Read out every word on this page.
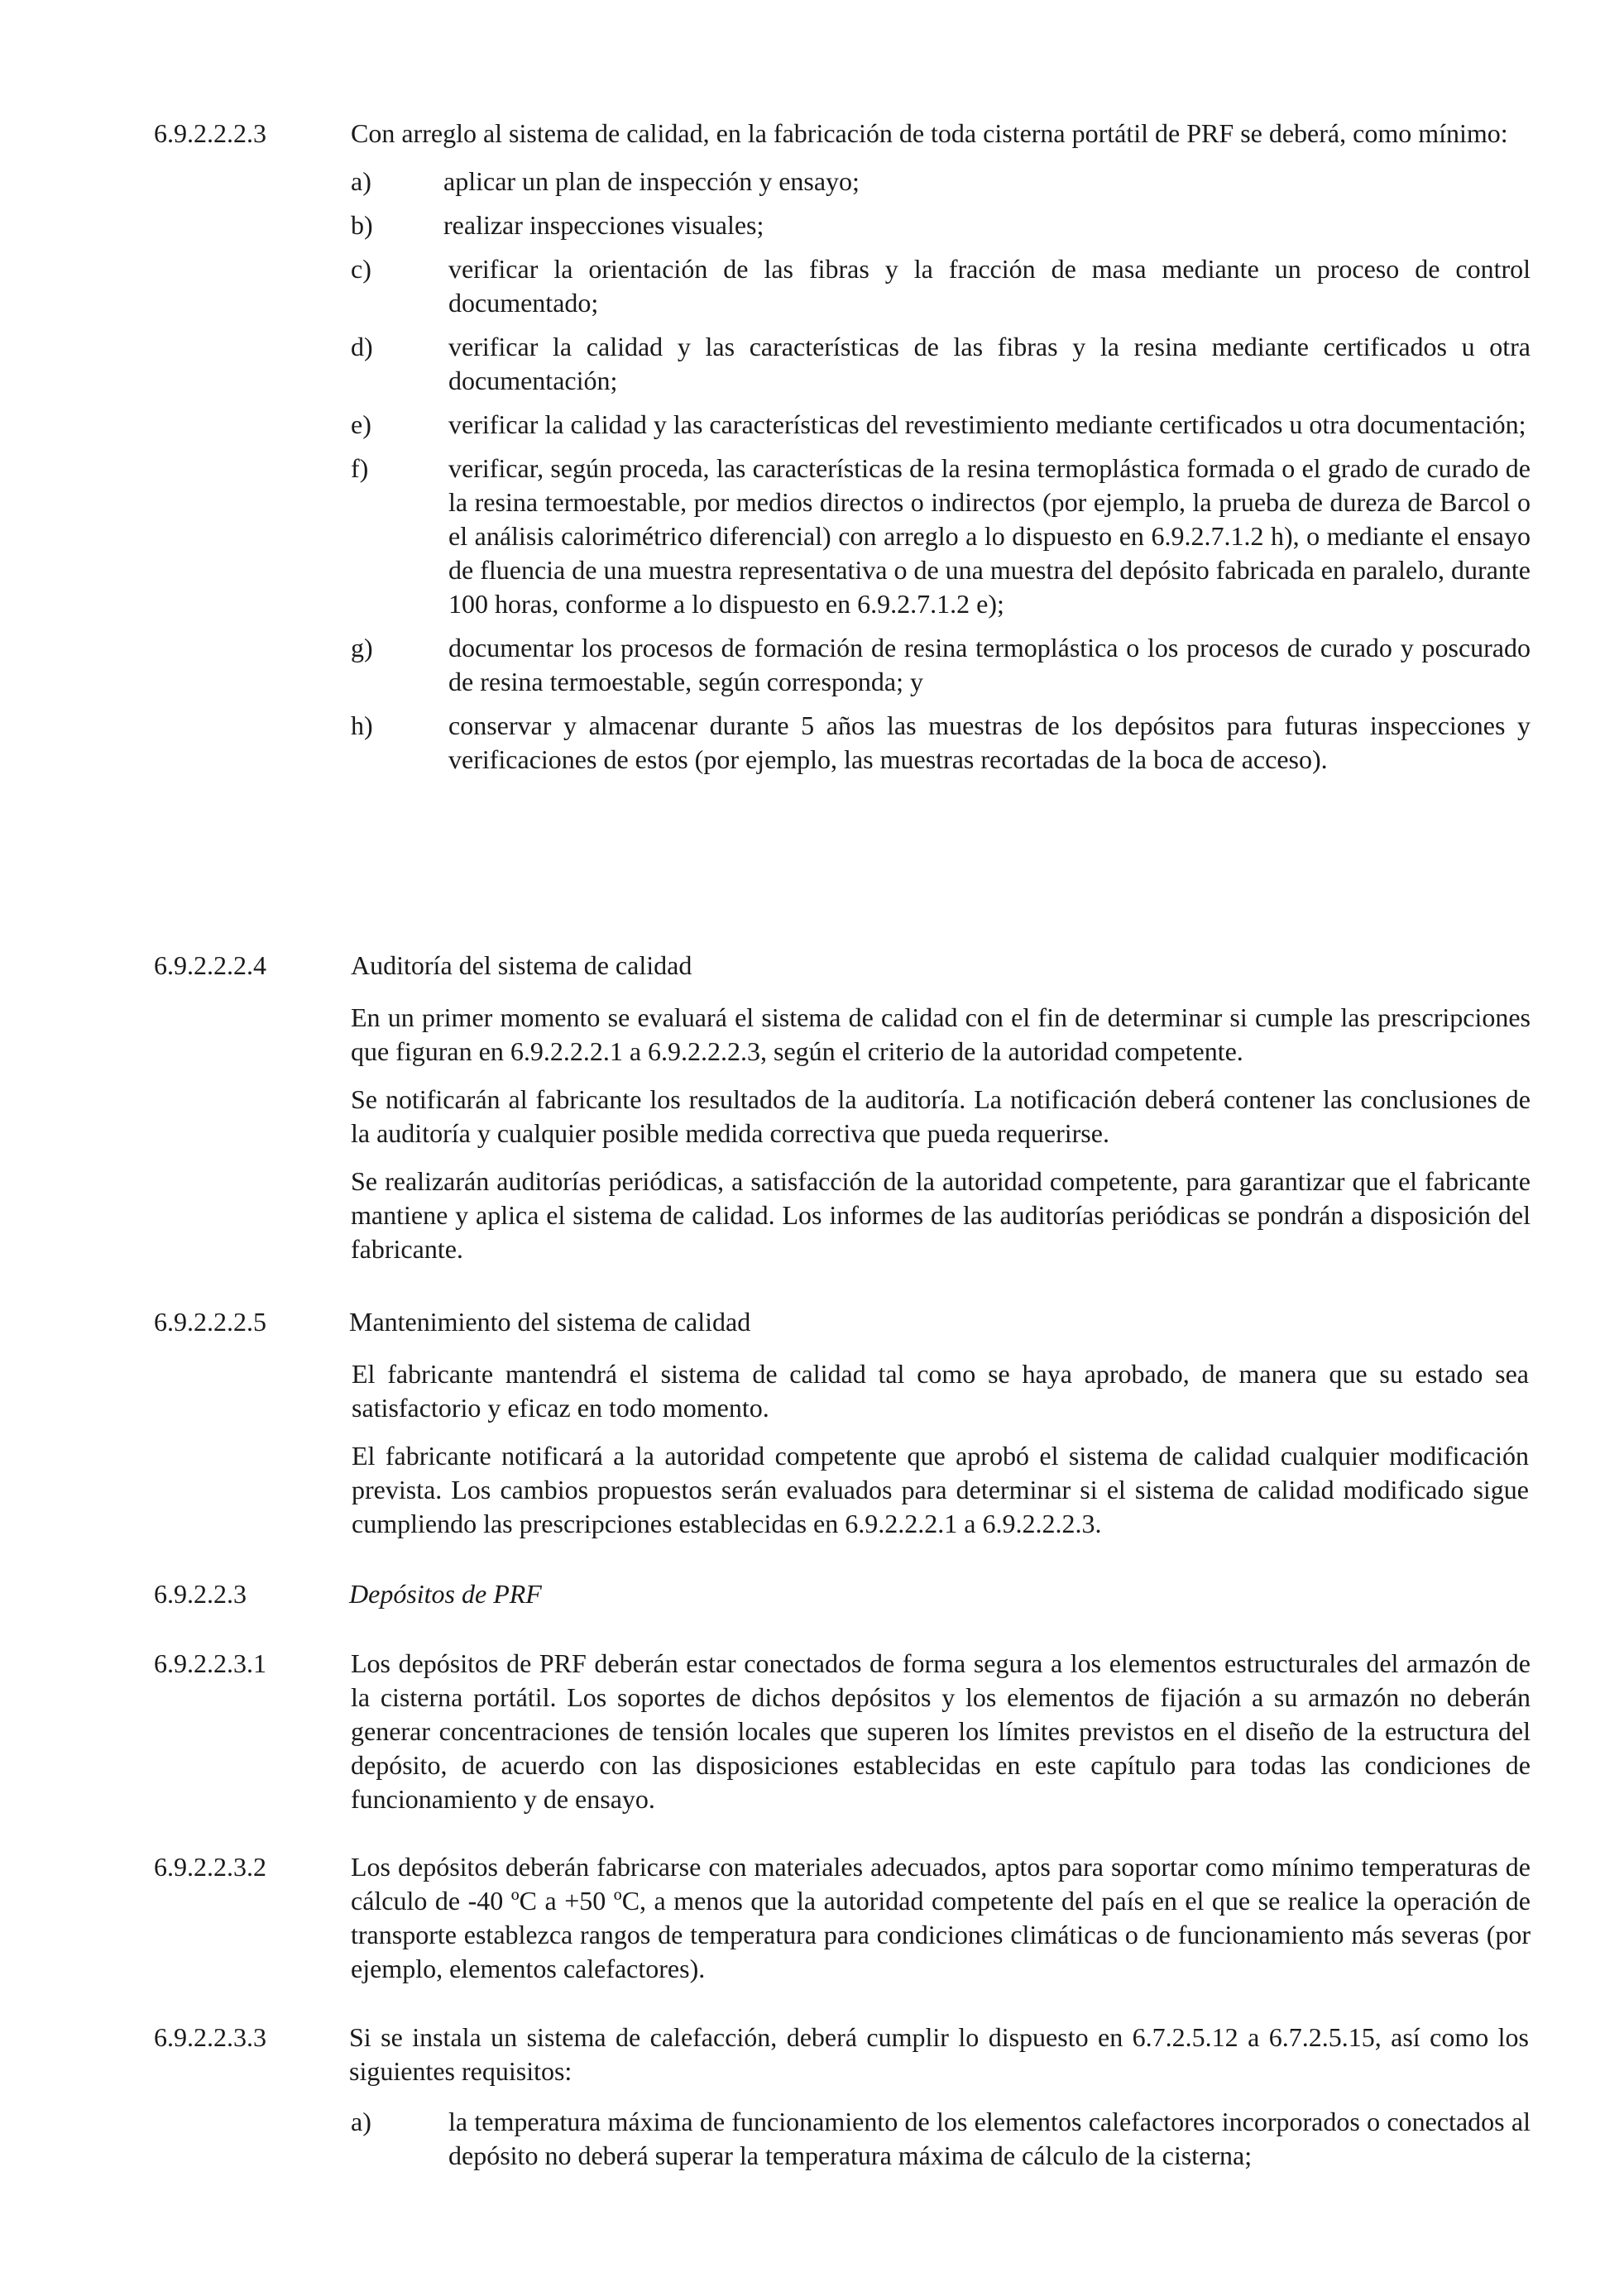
6.9.2.2.2.3	Con arreglo al sistema de calidad, en la fabricación de toda cisterna portátil de PRF se deberá, como mínimo:

a)	aplicar un plan de inspección y ensayo;
b)	realizar inspecciones visuales;
c)	verificar la orientación de las fibras y la fracción de masa mediante un proceso de control documentado;
d)	verificar la calidad y las características de las fibras y la resina mediante certificados u otra documentación;
e)	verificar la calidad y las características del revestimiento mediante certificados u otra documentación;
f)	verificar, según proceda, las características de la resina termoplástica formada o el grado de curado de la resina termoestable, por medios directos o indirectos (por ejemplo, la prueba de dureza de Barcol o el análisis calorimétrico diferencial) con arreglo a lo dispuesto en 6.9.2.7.1.2 h), o mediante el ensayo de fluencia de una muestra representativa o de una muestra del depósito fabricada en paralelo, durante 100 horas, conforme a lo dispuesto en 6.9.2.7.1.2 e);
g)	documentar los procesos de formación de resina termoplástica o los procesos de curado y poscurado de resina termoestable, según corresponda; y
h)	conservar y almacenar durante 5 años las muestras de los depósitos para futuras inspecciones y verificaciones de estos (por ejemplo, las muestras recortadas de la boca de acceso).
6.9.2.2.2.4	Auditoría del sistema de calidad

En un primer momento se evaluará el sistema de calidad con el fin de determinar si cumple las prescripciones que figuran en 6.9.2.2.2.1 a 6.9.2.2.2.3, según el criterio de la autoridad competente.

Se notificarán al fabricante los resultados de la auditoría. La notificación deberá contener las conclusiones de la auditoría y cualquier posible medida correctiva que pueda requerirse.

Se realizarán auditorías periódicas, a satisfacción de la autoridad competente, para garantizar que el fabricante mantiene y aplica el sistema de calidad. Los informes de las auditorías periódicas se pondrán a disposición del fabricante.

6.9.2.2.2.5	Mantenimiento del sistema de calidad

El fabricante mantendrá el sistema de calidad tal como se haya aprobado, de manera que su estado sea satisfactorio y eficaz en todo momento.

El fabricante notificará a la autoridad competente que aprobó el sistema de calidad cualquier modificación prevista. Los cambios propuestos serán evaluados para determinar si el sistema de calidad modificado sigue cumpliendo las prescripciones establecidas en 6.9.2.2.2.1 a 6.9.2.2.2.3.

6.9.2.2.3	Depósitos de PRF

6.9.2.2.3.1	Los depósitos de PRF deberán estar conectados de forma segura a los elementos estructurales del armazón de la cisterna portátil. Los soportes de dichos depósitos y los elementos de fijación a su armazón no deberán generar concentraciones de tensión locales que superen los límites previstos en el diseño de la estructura del depósito, de acuerdo con las disposiciones establecidas en este capítulo para todas las condiciones de funcionamiento y de ensayo.

6.9.2.2.3.2	Los depósitos deberán fabricarse con materiales adecuados, aptos para soportar como mínimo temperaturas de cálculo de -40 ºC a +50 ºC, a menos que la autoridad competente del país en el que se realice la operación de transporte establezca rangos de temperatura para condiciones climáticas o de funcionamiento más severas (por ejemplo, elementos calefactores).

6.9.2.2.3.3	Si se instala un sistema de calefacción, deberá cumplir lo dispuesto en 6.7.2.5.12 a 6.7.2.5.15, así como los siguientes requisitos:

a)	la temperatura máxima de funcionamiento de los elementos calefactores incorporados o conectados al depósito no deberá superar la temperatura máxima de cálculo de la cisterna;
